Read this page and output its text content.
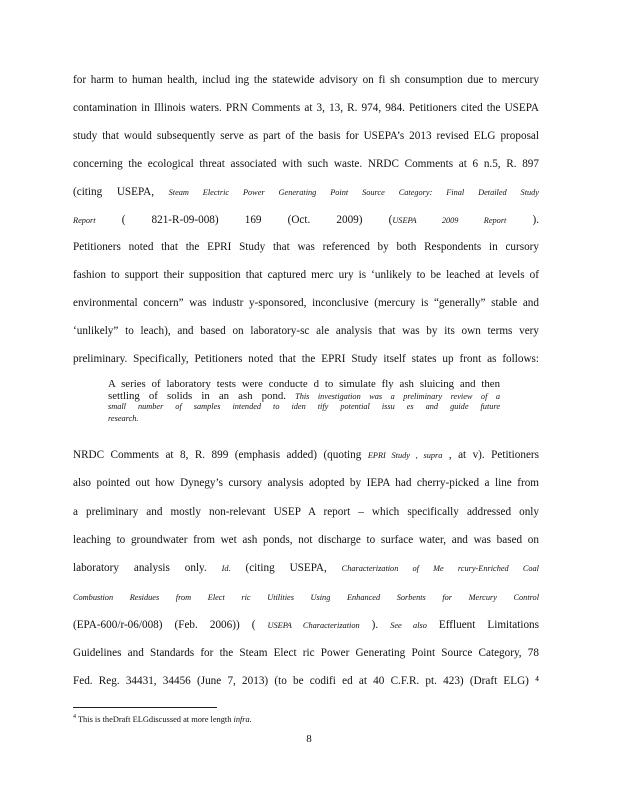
for harm to human health, includ ing the statewide advisory on fi sh consumption due to mercury
contamination in Illinois waters. PRN Comments at 3, 13, R. 974, 984. Petitioners cited the USEPA
study that would subsequently serve as part of the basis for USEPA’s 2013 revised ELG proposal
concerning the ecological threat associated with such waste. NRDC Comments at 6 n.5, R. 897
(citing USEPA, Steam Electric Power Generating Point Source Category: Final Detailed Study
Report ( 821-R-09-008) 169 (Oct. 2009) (USEPA 2009 Report ).
Petitioners noted that the EPRI Study that was referenced by both Respondents in cursory
fashion to support their supposition that captured merc ury is ‘unlikely to be leached at levels of
environmental concern” was industr y-sponsored, inconclusive (mercury is “generally” stable and
‘unlikely” to leach), and based on laboratory-sc ale analysis that was by its own terms very
preliminary. Specifically, Petitioners noted that the EPRI Study itself states up front as follows:
A series of laboratory tests were conducte d to simulate fly ash sluicing and then
settling of solids in an ash pond. This investigation was a preliminary review of a
small number of samples intended to iden tify potential issu es and guide future
research.
NRDC Comments at 8, R. 899 (emphasis added) (quoting EPRI Study , supra , at v). Petitioners
also pointed out how Dynegy’s cursory analysis adopted by IEPA had cherry-picked a line from
a preliminary and mostly non-relevant USEP A report – which specifically addressed only
leaching to groundwater from wet ash ponds, not discharge to surface water, and was based on
laboratory analysis only. Id. (citing USEPA, Characterization of Me rcury-Enriched Coal
Combustion Residues from Elect ric Utilities Using Enhanced Sorbents for Mercury Control
(EPA-600/r-06/008) (Feb. 2006)) ( USEPA Characterization ). See also Effluent Limitations
Guidelines and Standards for the Steam Elect ric Power Generating Point Source Category, 78
Fed. Reg. 34431, 34456 (June 7, 2013) (to be codifi ed at 40 C.F.R. pt. 423) (Draft ELG) ⁴
$^4$ This is theDraft ELGdiscussed at more length infra.
8
